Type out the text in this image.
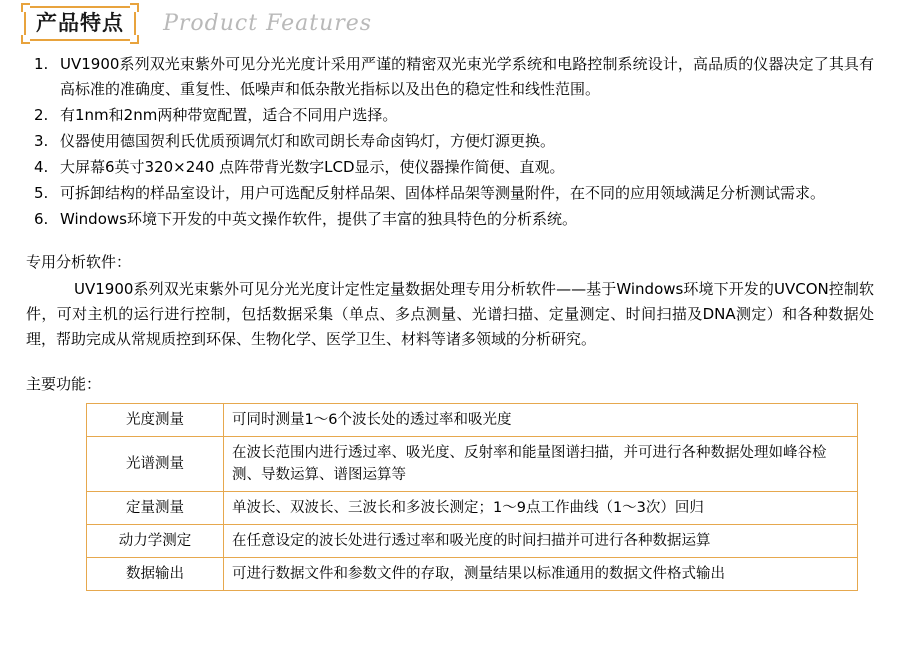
产品特点 Product Features
1. UV1900系列双光束紫外可见分光光度计采用严谨的精密双光束光学系统和电路控制系统设计，高品质的仪器决定了其具有高标准的准确度、重复性、低噪声和低杂散光指标以及出色的稳定性和线性范围。
2. 有1nm和2nm两种带宽配置，适合不同用户选择。
3. 仪器使用德国贺利氏优质预调氘灯和欧司朗长寿命卤钨灯，方便灯源更换。
4. 大屏幕6英寸320×240 点阵带背光数字LCD显示，使仪器操作简便、直观。
5. 可拆卸结构的样品室设计，用户可选配反射样品架、固体样品架等测量附件，在不同的应用领域满足分析测试需求。
6. Windows环境下开发的中英文操作软件，提供了丰富的独具特色的分析系统。
专用分析软件：
UV1900系列双光束紫外可见分光光度计定性定量数据处理专用分析软件——基于Windows环境下开发的UVCON控制软件，可对主机的运行进行控制，包括数据采集（单点、多点测量、光谱扫描、定量测定、时间扫描及DNA测定）和各种数据处理，帮助完成从常规质控到环保、生物化学、医学卫生、材料等诸多领域的分析研究。
主要功能：
光度测量	可同时测量1～6个波长处的透过率和吸光度
光谱测量	在波长范围内进行透过率、吸光度、反射率和能量图谱扫描，并可进行各种数据处理如峰谷检测、导数运算、谱图运算等
定量测量	单波长、双波长、三波长和多波长测定；1～9点工作曲线（1～3次）回归
动力学测定	在任意设定的波长处进行透过率和吸光度的时间扫描并可进行各种数据运算
数据输出	可进行数据文件和参数文件的存取，测量结果以标准通用的数据文件格式输出
